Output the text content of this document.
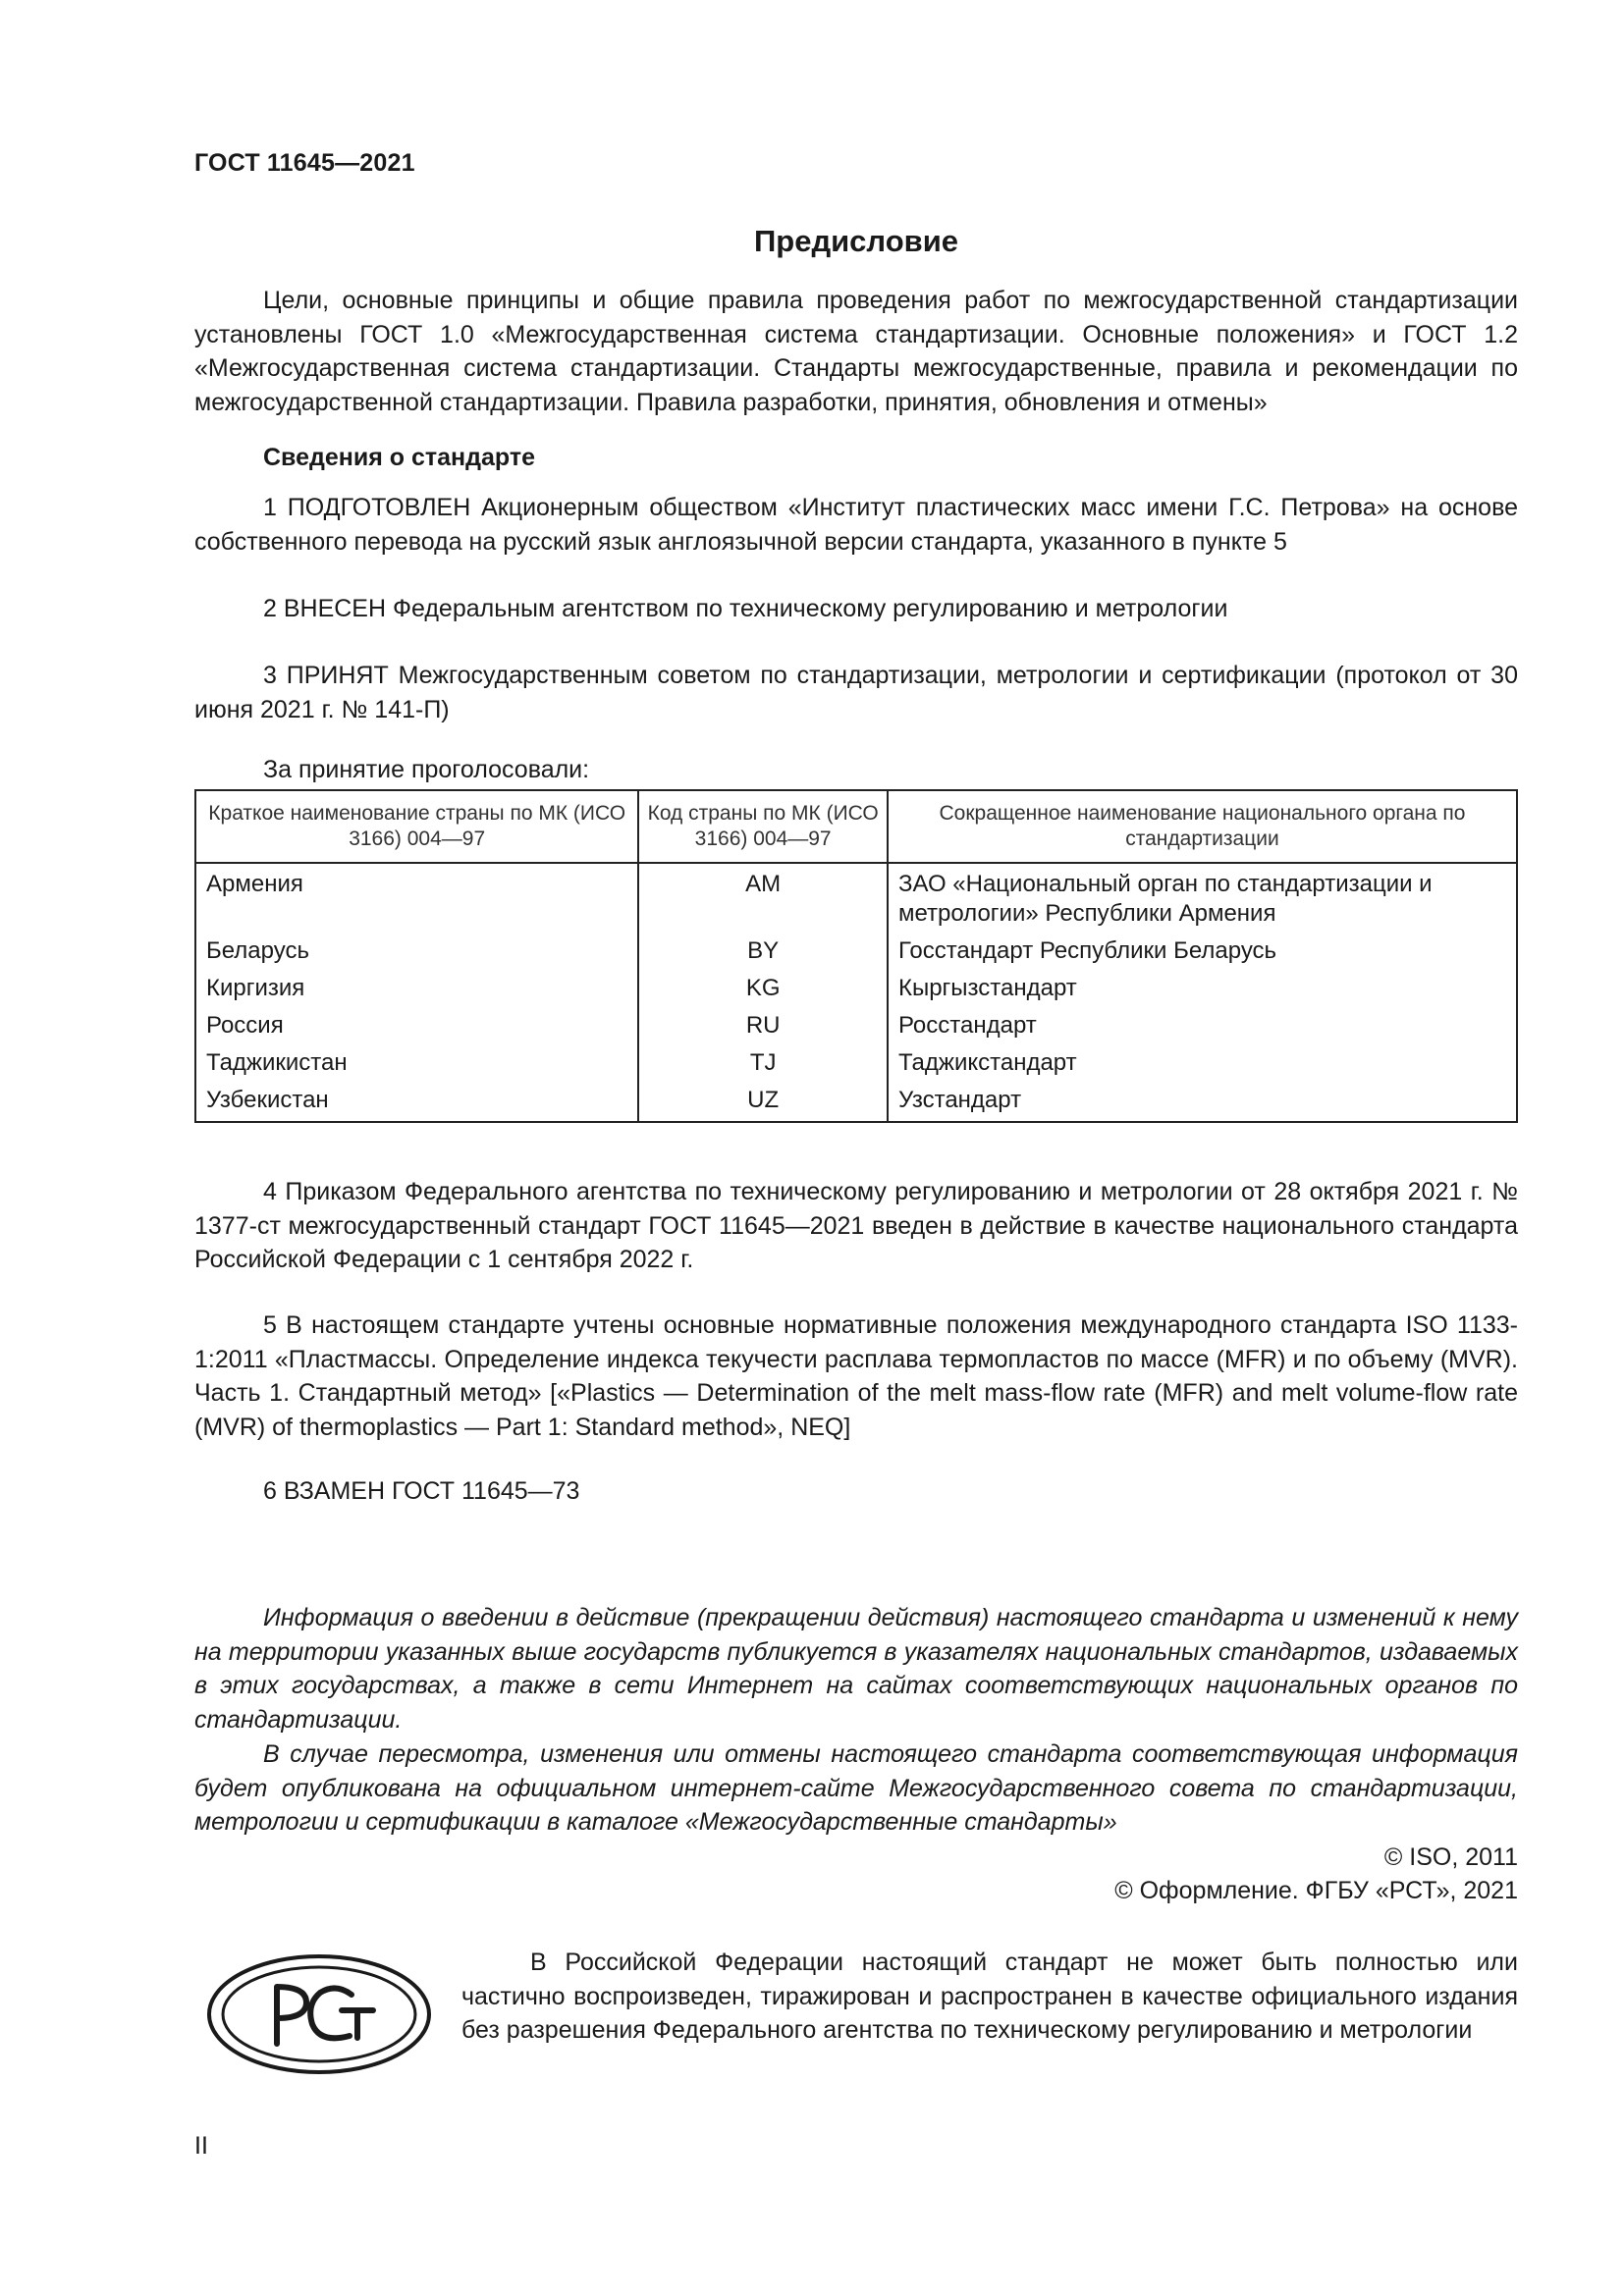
ГОСТ 11645—2021
Предисловие
Цели, основные принципы и общие правила проведения работ по межгосударственной стандартизации установлены ГОСТ 1.0 «Межгосударственная система стандартизации. Основные положения» и ГОСТ 1.2 «Межгосударственная система стандартизации. Стандарты межгосударственные, правила и рекомендации по межгосударственной стандартизации. Правила разработки, принятия, обновления и отмены»
Сведения о стандарте
1 ПОДГОТОВЛЕН Акционерным обществом «Институт пластических масс имени Г.С. Петрова» на основе собственного перевода на русский язык англоязычной версии стандарта, указанного в пункте 5
2 ВНЕСЕН Федеральным агентством по техническому регулированию и метрологии
3 ПРИНЯТ Межгосударственным советом по стандартизации, метрологии и сертификации (протокол от 30 июня 2021 г. № 141-П)
За принятие проголосовали:
Краткое наименование страны по МК (ИСО 3166) 004—97	Код страны по МК (ИСО 3166) 004—97	Сокращенное наименование национального органа по стандартизации
Армения	AM	ЗАО «Национальный орган по стандартизации и метрологии» Республики Армения
Беларусь	BY	Госстандарт Республики Беларусь
Киргизия	KG	Кыргызстандарт
Россия	RU	Росстандарт
Таджикистан	TJ	Таджикстандарт
Узбекистан	UZ	Узстандарт
4 Приказом Федерального агентства по техническому регулированию и метрологии от 28 октября 2021 г. № 1377-ст межгосударственный стандарт ГОСТ 11645—2021 введен в действие в качестве национального стандарта Российской Федерации с 1 сентября 2022 г.
5 В настоящем стандарте учтены основные нормативные положения международного стандарта ISO 1133-1:2011 «Пластмассы. Определение индекса текучести расплава термопластов по массе (MFR) и по объему (MVR). Часть 1. Стандартный метод» [«Plastics — Determination of the melt mass-flow rate (MFR) and melt volume-flow rate (MVR) of thermoplastics — Part 1: Standard method», NEQ]
6 ВЗАМЕН ГОСТ 11645—73
Информация о введении в действие (прекращении действия) настоящего стандарта и изменений к нему на территории указанных выше государств публикуется в указателях национальных стандартов, издаваемых в этих государствах, а также в сети Интернет на сайтах соответствующих национальных органов по стандартизации.
В случае пересмотра, изменения или отмены настоящего стандарта соответствующая информация будет опубликована на официальном интернет-сайте Межгосударственного совета по стандартизации, метрологии и сертификации в каталоге «Межгосударственные стандарты»
© ISO, 2011
© Оформление. ФГБУ «РСТ», 2021
В Российской Федерации настоящий стандарт не может быть полностью или частично воспроизведен, тиражирован и распространен в качестве официального издания без разрешения Федерального агентства по техническому регулированию и метрологии
II
